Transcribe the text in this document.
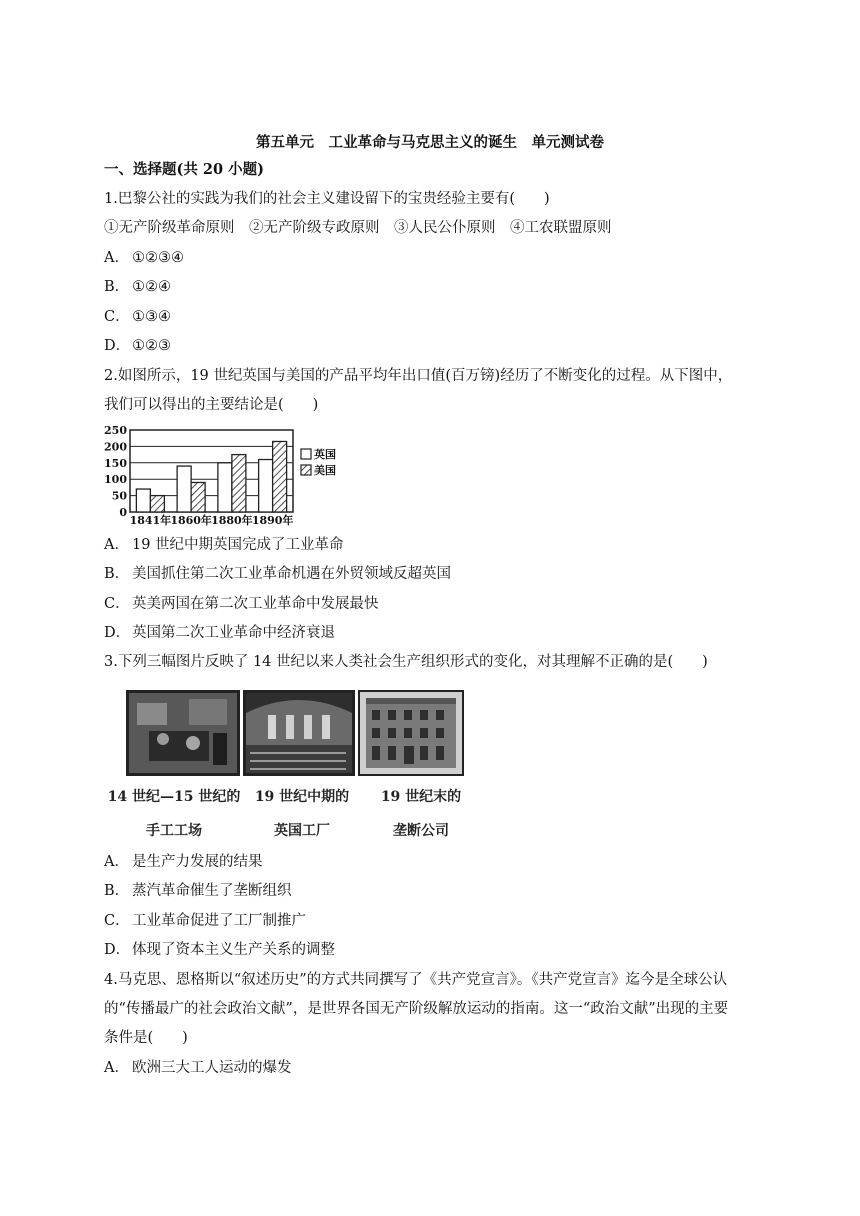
第五单元　工业革命与马克思主义的诞生　单元测试卷
一、选择题(共 20 小题)
1.巴黎公社的实践为我们的社会主义建设留下的宝贵经验主要有(　　)
①无产阶级革命原则　②无产阶级专政原则　③人民公仆原则　④工农联盟原则
A． ①②③④
B． ①②④
C． ①③④
D． ①②③
2.如图所示，19 世纪英国与美国的产品平均年出口值(百万镑)经历了不断变化的过程。从下图中，
我们可以得出的主要结论是(　　)
0
50
100
150
200
250
1841年 1860年 1880年 1890年
英国
美国
A． 19 世纪中期英国完成了工业革命
B． 美国抓住第二次工业革命机遇在外贸领域反超英国
C． 英美两国在第二次工业革命中发展最快
D． 英国第二次工业革命中经济衰退
3.下列三幅图片反映了 14 世纪以来人类社会生产组织形式的变化，对其理解不正确的是(　　)
14 世纪—15 世纪的
手工工场
19 世纪中期的
英国工厂
19 世纪末的
垄断公司
A． 是生产力发展的结果
B． 蒸汽革命催生了垄断组织
C． 工业革命促进了工厂制推广
D． 体现了资本主义生产关系的调整
4.马克思、恩格斯以“叙述历史”的方式共同撰写了《共产党宣言》。《共产党宣言》迄今是全球公认
的“传播最广的社会政治文献”，是世界各国无产阶级解放运动的指南。这一“政治文献”出现的主要
条件是(　　)
A． 欧洲三大工人运动的爆发
